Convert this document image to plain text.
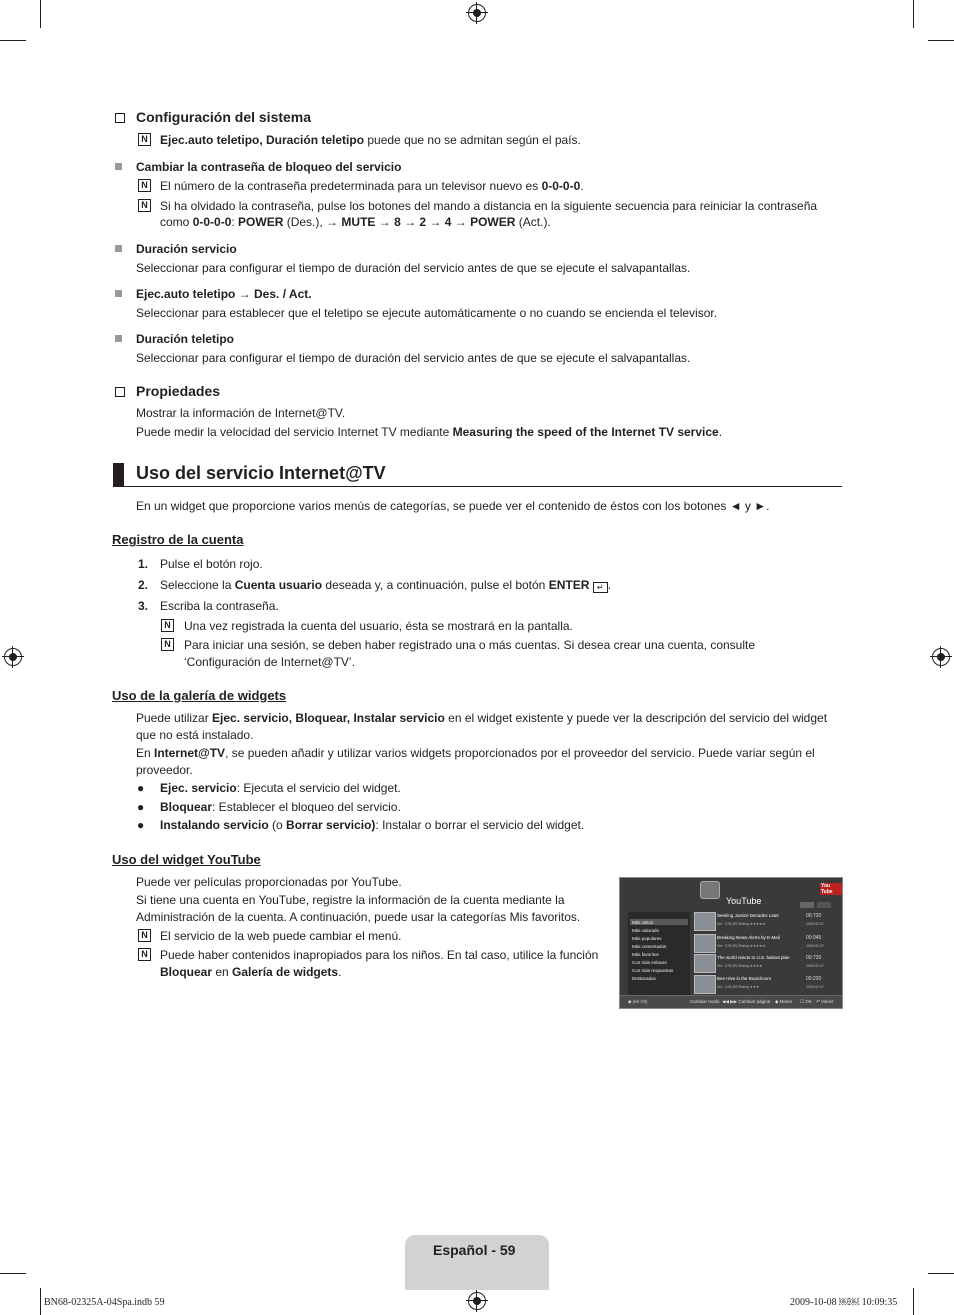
Configuración del sistema
N Ejec.auto teletipo, Duración teletipo puede que no se admitan según el país.
Cambiar la contraseña de bloqueo del servicio
N El número de la contraseña predeterminada para un televisor nuevo es 0-0-0-0.
N Si ha olvidado la contraseña, pulse los botones del mando a distancia en la siguiente secuencia para reiniciar la contraseña
como 0-0-0-0: POWER (Des.), → MUTE → 8 → 2 → 4 → POWER (Act.).
Duración servicio
Seleccionar para configurar el tiempo de duración del servicio antes de que se ejecute el salvapantallas.
Ejec.auto teletipo → Des. / Act.
Seleccionar para establecer que el teletipo se ejecute automáticamente o no cuando se encienda el televisor.
Duración teletipo
Seleccionar para configurar el tiempo de duración del servicio antes de que se ejecute el salvapantallas.
Propiedades
Mostrar la información de Internet@TV.
Puede medir la velocidad del servicio Internet TV mediante Measuring the speed of the Internet TV service.
Uso del servicio Internet@TV
En un widget que proporcione varios menús de categorías, se puede ver el contenido de éstos con los botones ◄ y ►.
Registro de la cuenta
1. Pulse el botón rojo.
2. Seleccione la Cuenta usuario deseada y, a continuación, pulse el botón ENTER ↵ .
3. Escriba la contraseña.
N Una vez registrada la cuenta del usuario, ésta se mostrará en la pantalla.
N Para iniciar una sesión, se deben haber registrado una o más cuentas. Si desea crear una cuenta, consulte
‘Configuración de Internet@TV’.
Uso de la galería de widgets
Puede utilizar Ejec. servicio, Bloquear, Instalar servicio en el widget existente y puede ver la descripción del servicio del widget
que no está instalado.
En Internet@TV, se pueden añadir y utilizar varios widgets proporcionados por el proveedor del servicio. Puede variar según el
proveedor.
● Ejec. servicio: Ejecuta el servicio del widget.
● Bloquear: Establecer el bloqueo del servicio.
● Instalando servicio (o Borrar servicio): Instalar o borrar el servicio del widget.
Uso del widget YouTube
Puede ver películas proporcionadas por YouTube.
Si tiene una cuenta en YouTube, registre la información de la cuenta mediante la
Administración de la cuenta. A continuación, puede usar la categorías Mis favoritos.
N El servicio de la web puede cambiar el menú.
N Puede haber contenidos inapropiados para los niños. En tal caso, utilice la función
Bloquear en Galería de widgets.
YouTube
You Tube
Más vistos
Más valorado
Más populares
Más comentados
Más favoritos
Con más enlaces
Con más respuestas
Destacados
Seeking Justice Decades Later
Ver : 378,392 Rating ★★★★★
00:720
2009-02-07
Breaking News Alerts by E-Mail
Ver : 378,392 Rating ★★★★★
00:045
2009-02-07
The world reacts to U.S. bailout plan
Ver : 378,392 Rating ★★★★
00:720
2009-02-07
Bee Hive in the Boardroom
Ver : 378,392 Rating ★★★
00:220
2009-02-07
◆ (en V2)	Cambiar modo ◀◀ ▶▶ Cambiar página ◆ Mover ☐ OK ↶ Volver
Español - 59
BN68-02325A-04Spa.indb 59	2009-10-08 ￼￼ 10:09:35
